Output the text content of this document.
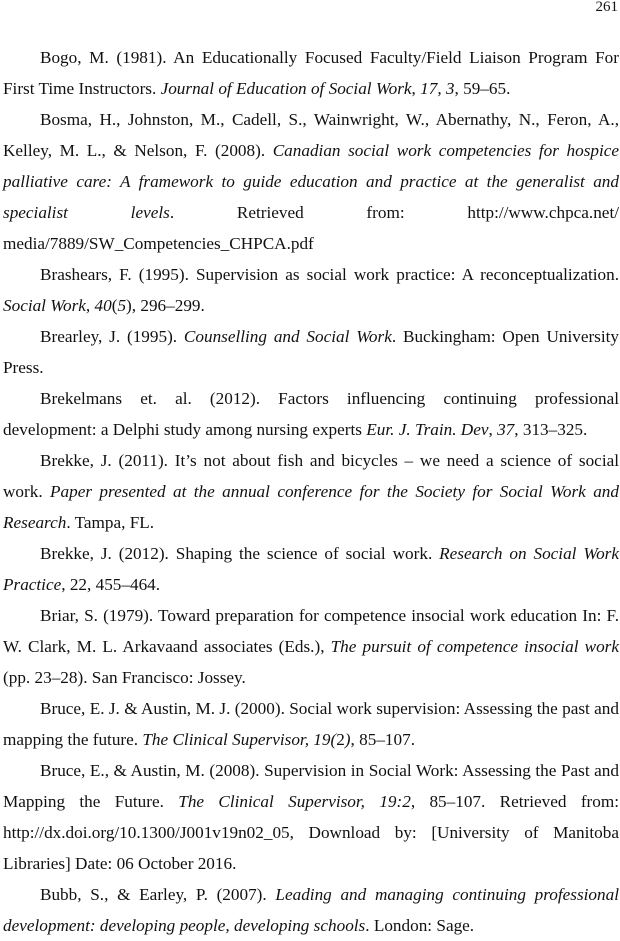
261

Bogo, M. (1981). An Educationally Focused Faculty/Field Liaison Program For First Time Instructors. Journal of Education of Social Work, 17, 3, 59–65.

Bosma, H., Johnston, M., Cadell, S., Wainwright, W., Abernathy, N., Feron, A., Kelley, M. L., & Nelson, F. (2008). Canadian social work competencies for hospice palliative care: A framework to guide education and practice at the generalist and specialist levels. Retrieved from: http://www.chpca.net/ media/7889/SW_Competencies_CHPCA.pdf

Brashears, F. (1995). Supervision as social work practice: A reconceptualization. Social Work, 40(5), 296–299.

Brearley, J. (1995). Counselling and Social Work. Buckingham: Open University Press.

Brekelmans et. al. (2012). Factors influencing continuing professional development: a Delphi study among nursing experts Eur. J. Train. Dev, 37, 313–325.

Brekke, J. (2011). It’s not about fish and bicycles – we need a science of social work. Paper presented at the annual conference for the Society for Social Work and Research. Tampa, FL.

Brekke, J. (2012). Shaping the science of social work. Research on Social Work Practice, 22, 455–464.

Briar, S. (1979). Toward preparation for competence insocial work education In: F. W. Clark, M. L. Arkavaand associates (Eds.), The pursuit of competence insocial work (pp. 23–28). San Francisco: Jossey.

Bruce, E. J. & Austin, M. J. (2000). Social work supervision: Assessing the past and mapping the future. The Clinical Supervisor, 19(2), 85–107.

Bruce, E., & Austin, M. (2008). Supervision in Social Work: Assessing the Past and Mapping the Future. The Clinical Supervisor, 19:2, 85–107. Retrieved from: http://dx.doi.org/10.1300/J001v19n02_05, Download by: [University of Manitoba Libraries] Date: 06 October 2016.

Bubb, S., & Earley, P. (2007). Leading and managing continuing professional development: developing people, developing schools. London: Sage.
